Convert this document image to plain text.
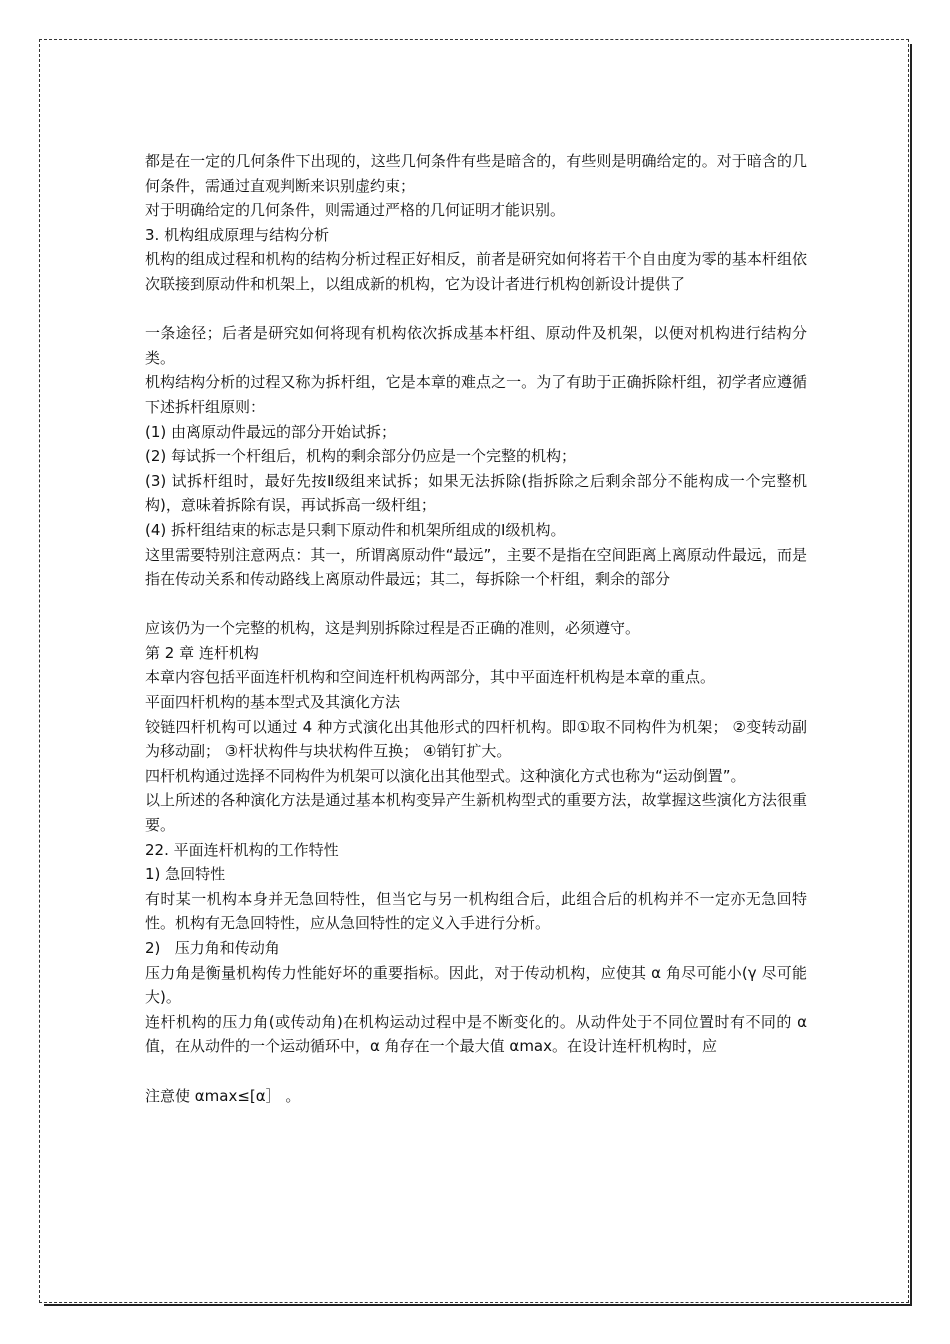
都是在一定的几何条件下出现的，这些几何条件有些是暗含的，有些则是明确给定的。对于暗含的几何条件，需通过直观判断来识别虚约束；

对于明确给定的几何条件，则需通过严格的几何证明才能识别。

3. 机构组成原理与结构分析

机构的组成过程和机构的结构分析过程正好相反，前者是研究如何将若干个自由度为零的基本杆组依次联接到原动件和机架上，以组成新的机构，它为设计者进行机构创新设计提供了

一条途径；后者是研究如何将现有机构依次拆成基本杆组、原动件及机架，以便对机构进行结构分类。

机构结构分析的过程又称为拆杆组，它是本章的难点之一。为了有助于正确拆除杆组，初学者应遵循下述拆杆组原则：

(1) 由离原动件最远的部分开始试拆；

(2) 每试拆一个杆组后，机构的剩余部分仍应是一个完整的机构；

(3) 试拆杆组时，最好先按Ⅱ级组来试拆；如果无法拆除(指拆除之后剩余部分不能构成一个完整机构)，意味着拆除有误，再试拆高一级杆组；

(4) 拆杆组结束的标志是只剩下原动件和机架所组成的Ⅰ级机构。

这里需要特别注意两点：其一，所谓离原动件“最远”，主要不是指在空间距离上离原动件最远，而是指在传动关系和传动路线上离原动件最远；其二，每拆除一个杆组，剩余的部分

应该仍为一个完整的机构，这是判别拆除过程是否正确的准则，必须遵守。

第 2 章 连杆机构

本章内容包括平面连杆机构和空间连杆机构两部分，其中平面连杆机构是本章的重点。

平面四杆机构的基本型式及其演化方法

铰链四杆机构可以通过 4 种方式演化出其他形式的四杆机构。即①取不同构件为机架； ②变转动副为移动副； ③杆状构件与块状构件互换； ④销钉扩大。

四杆机构通过选择不同构件为机架可以演化出其他型式。这种演化方式也称为“运动倒置”。

以上所述的各种演化方法是通过基本机构变异产生新机构型式的重要方法，故掌握这些演化方法很重要。

22. 平面连杆机构的工作特性

1) 急回特性

有时某一机构本身并无急回特性，但当它与另一机构组合后，此组合后的机构并不一定亦无急回特性。机构有无急回特性，应从急回特性的定义入手进行分析。

2)   压力角和传动角

压力角是衡量机构传力性能好坏的重要指标。因此，对于传动机构，应使其 α 角尽可能小(γ 尽可能大)。

连杆机构的压力角(或传动角)在机构运动过程中是不断变化的。从动件处于不同位置时有不同的 α 值，在从动件的一个运动循环中，α 角存在一个最大值 αmax。在设计连杆机构时，应

注意使 αmax≤[α］ 。
